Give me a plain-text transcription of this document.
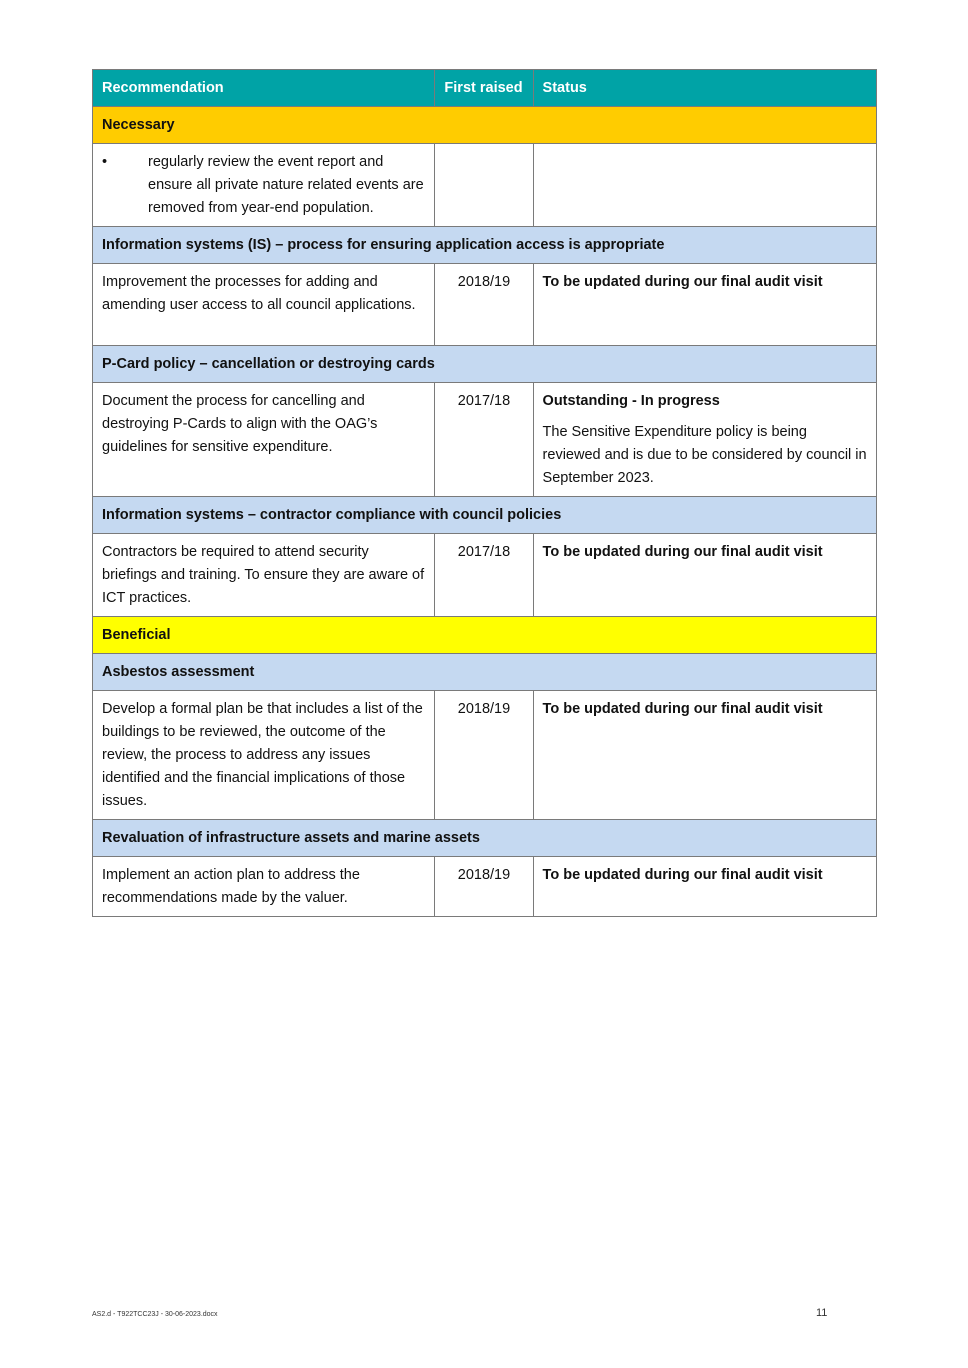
Recommendation	First raised	Status
Necessary		

• regularly review the event report and ensure all private nature related events are removed from year-end population.		

Information systems (IS) – process for ensuring application access is appropriate		
Improvement the processes for adding and amending user access to all council applications.	2018/19	To be updated during our final audit visit
P-Card policy – cancellation or destroying cards		
Document the process for cancelling and destroying P-Cards to align with the OAG’s guidelines for sensitive expenditure.	2017/18	Outstanding - In progress
The Sensitive Expenditure policy is being reviewed and is due to be considered by council in September 2023.

Information systems – contractor compliance with council policies		
Contractors be required to attend security briefings and training. To ensure they are aware of ICT practices.	2017/18	To be updated during our final audit visit
Beneficial		
Asbestos assessment		
Develop a formal plan be that includes a list of the buildings to be reviewed, the outcome of the review, the process to address any issues identified and the financial implications of those issues.	2018/19	To be updated during our final audit visit
Revaluation of infrastructure assets and marine assets		
Implement an action plan to address the recommendations made by the valuer.	2018/19	To be updated during our final audit visit
AS2.d - T922TCC23J - 30-06-2023.docx	11
